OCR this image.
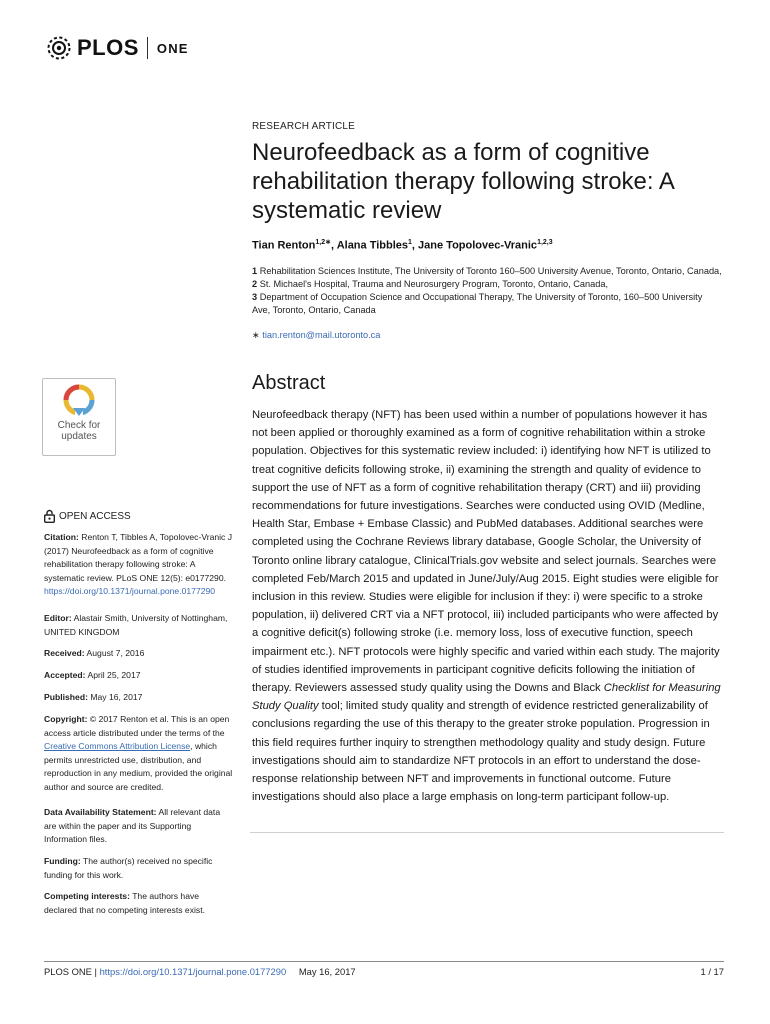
PLOS ONE
RESEARCH ARTICLE
Neurofeedback as a form of cognitive rehabilitation therapy following stroke: A systematic review
Tian Renton$^{1,2∗}$, Alana Tibbles$^1$, Jane Topolovec-Vranic$^{1,2,3}$
1 Rehabilitation Sciences Institute, The University of Toronto 160–500 University Avenue, Toronto, Ontario, Canada, 2 St. Michael's Hospital, Trauma and Neurosurgery Program, Toronto, Ontario, Canada,
3 Department of Occupation Science and Occupational Therapy, The University of Toronto, 160–500 University Ave, Toronto, Ontario, Canada
∗ tian.renton@mail.utoronto.ca
Abstract

Neurofeedback therapy (NFT) has been used within a number of populations however it has not been applied or thoroughly examined as a form of cognitive rehabilitation within a stroke population. Objectives for this systematic review included: i) identifying how NFT is utilized to treat cognitive deficits following stroke, ii) examining the strength and quality of evidence to support the use of NFT as a form of cognitive rehabilitation therapy (CRT) and iii) providing recommendations for future investigations. Searches were conducted using OVID (Medline, Health Star, Embase + Embase Classic) and PubMed databases. Additional searches were completed using the Cochrane Reviews library database, Google Scholar, the University of Toronto online library catalogue, ClinicalTrials.gov website and select journals. Searches were completed Feb/March 2015 and updated in June/July/Aug 2015. Eight studies were eligible for inclusion in this review. Studies were eligible for inclusion if they: i) were specific to a stroke population, ii) delivered CRT via a NFT protocol, iii) included participants who were affected by a cognitive deficit(s) following stroke (i.e. memory loss, loss of executive function, speech impairment etc.). NFT protocols were highly specific and varied within each study. The majority of studies identified improvements in participant cognitive deficits following the initiation of therapy. Reviewers assessed study quality using the Downs and Black Checklist for Measuring Study Quality tool; limited study quality and strength of evidence restricted generalizability of conclusions regarding the use of this therapy to the greater stroke population. Progression in this field requires further inquiry to strengthen methodology quality and study design. Future investigations should aim to standardize NFT protocols in an effort to understand the dose-response relationship between NFT and improvements in functional outcome. Future investigations should also place a large emphasis on long-term participant follow-up.

Check for updates
OPEN ACCESS
Citation: Renton T, Tibbles A, Topolovec-Vranic J (2017) Neurofeedback as a form of cognitive rehabilitation therapy following stroke: A systematic review. PLoS ONE 12(5): e0177290. https://doi.org/10.1371/journal.pone.0177290
Editor: Alastair Smith, University of Nottingham, UNITED KINGDOM
Received: August 7, 2016
Accepted: April 25, 2017
Published: May 16, 2017
Copyright: © 2017 Renton et al. This is an open access article distributed under the terms of the Creative Commons Attribution License, which permits unrestricted use, distribution, and reproduction in any medium, provided the original author and source are credited.
Data Availability Statement: All relevant data are within the paper and its Supporting Information files.
Funding: The author(s) received no specific funding for this work.
Competing interests: The authors have declared that no competing interests exist.
PLOS ONE | https://doi.org/10.1371/journal.pone.0177290 May 16, 2017	1 / 17
